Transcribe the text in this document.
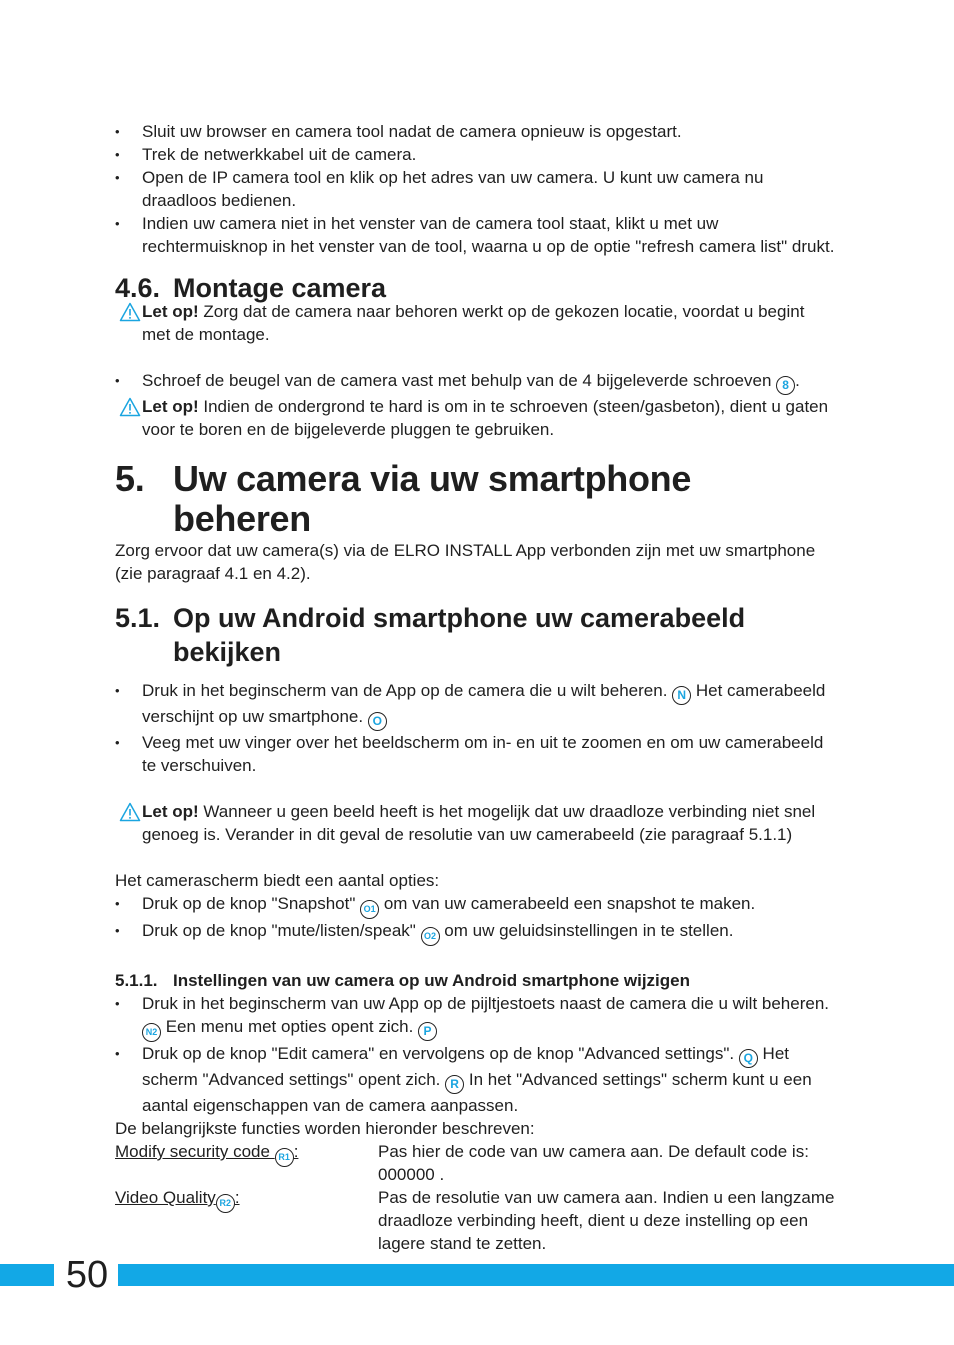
• Sluit uw browser en camera tool nadat de camera opnieuw is opgestart.
• Trek de netwerkkabel uit de camera.
• Open de IP camera tool en klik op het adres van uw camera. U kunt uw camera nu draadloos bedienen.
• Indien uw camera niet in het venster van de camera tool staat, klikt u met uw rechtermuisknop in het venster van de tool, waarna u op de optie "refresh camera list" drukt.
4.6. Montage camera
Let op! Zorg dat de camera naar behoren werkt op de gekozen locatie, voordat u begint met de montage.
• Schroef de beugel van de camera vast met behulp van de 4 bijgeleverde schroeven 8 .
Let op! Indien de ondergrond te hard is om in te schroeven (steen/gasbeton), dient u gaten voor te boren en de bijgeleverde pluggen te gebruiken.
5. Uw camera via uw smartphone beheren
Zorg ervoor dat uw camera(s) via de ELRO INSTALL App verbonden zijn met uw smartphone (zie paragraaf 4.1 en 4.2).
5.1. Op uw Android smartphone uw camerabeeld bekijken
• Druk in het beginscherm van de App op de camera die u wilt beheren. N Het camerabeeld verschijnt op uw smartphone. O
• Veeg met uw vinger over het beeldscherm om in- en uit te zoomen en om uw camerabeeld te verschuiven.
Let op! Wanneer u geen beeld heeft is het mogelijk dat uw draadloze verbinding niet snel genoeg is. Verander in dit geval de resolutie van uw camerabeeld (zie paragraaf 5.1.1)
Het camerascherm biedt een aantal opties:
• Druk op de knop "Snapshot" O1 om van uw camerabeeld een snapshot te maken.
• Druk op de knop "mute/listen/speak" O2 om uw geluidsinstellingen in te stellen.
5.1.1. Instellingen van uw camera op uw Android smartphone wijzigen
• Druk in het beginscherm van uw App op de pijltjestoets naast de camera die u wilt beheren. N2 Een menu met opties opent zich. P
• Druk op de knop "Edit camera" en vervolgens op de knop "Advanced settings". Q Het scherm "Advanced settings" opent zich. R In het "Advanced settings" scherm kunt u een aantal eigenschappen van de camera aanpassen.
De belangrijkste functies worden hieronder beschreven:
Modify security code R1 :	Pas hier de code van uw camera aan. De default code is: 000000 .
Video Quality R2 :	Pas de resolutie van uw camera aan. Indien u een langzame draadloze verbinding heeft, dient u deze instelling op een lagere stand te zetten.
50
